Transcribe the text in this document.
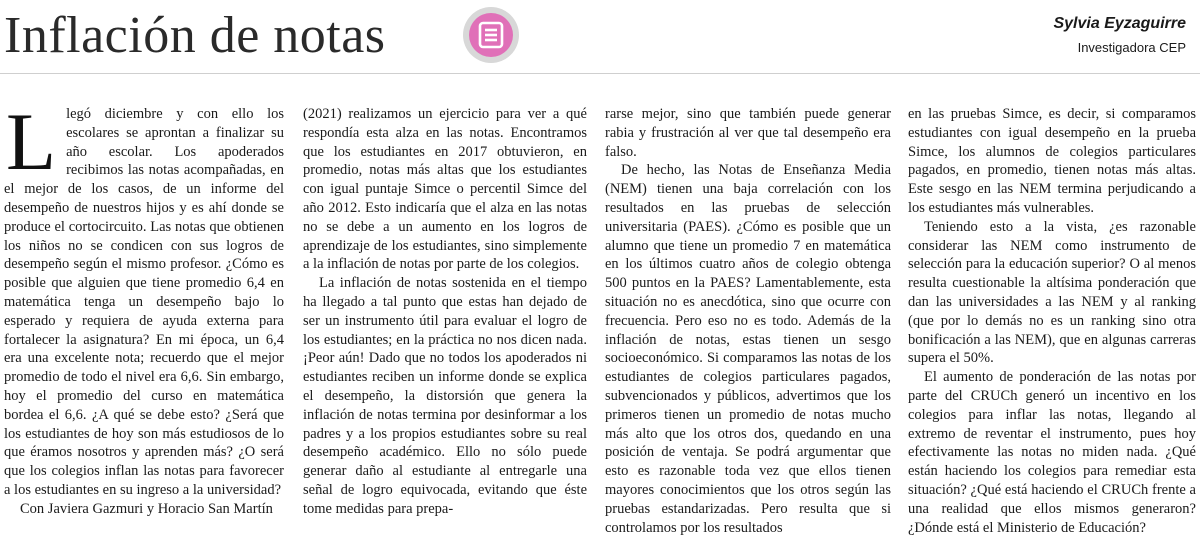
Inflación de notas	Sylvia Eyzaguirre
Investigadora CEP

Llegó diciembre y con ello los escolares se aprontan a finalizar su año escolar. Los apoderados recibimos las notas acompañadas, en el mejor de los casos, de un informe del desempeño de nuestros hijos y es ahí donde se produce el cortocircuito. Las notas que obtienen los niños no se condicen con sus logros de desempeño según el mismo profesor. ¿Cómo es posible que alguien que tiene promedio 6,4 en matemática tenga un desempeño bajo lo esperado y requiera de ayuda externa para fortalecer la asignatura? En mi época, un 6,4 era una excelente nota; recuerdo que el mejor promedio de todo el nivel era 6,6. Sin embargo, hoy el promedio del curso en matemática bordea el 6,6. ¿A qué se debe esto? ¿Será que los estudiantes de hoy son más estudiosos de lo que éramos nosotros y aprenden más? ¿O será que los colegios inflan las notas para favorecer a los estudiantes en su ingreso a la universidad?

Con Javiera Gazmuri y Horacio San Martín

(2021) realizamos un ejercicio para ver a qué respondía esta alza en las notas. Encontramos que los estudiantes en 2017 obtuvieron, en promedio, notas más altas que los estudiantes con igual puntaje Simce o percentil Simce del año 2012. Esto indicaría que el alza en las notas no se debe a un aumento en los logros de aprendizaje de los estudiantes, sino simplemente a la inflación de notas por parte de los colegios.

La inflación de notas sostenida en el tiempo ha llegado a tal punto que estas han dejado de ser un instrumento útil para evaluar el logro de los estudiantes; en la práctica no nos dicen nada. ¡Peor aún! Dado que no todos los apoderados ni estudiantes reciben un informe donde se explica el desempeño, la distorsión que genera la inflación de notas termina por desinformar a los padres y a los propios estudiantes sobre su real desempeño académico. Ello no sólo puede generar daño al estudiante al entregarle una señal de logro equivocada, evitando que éste tome medidas para prepa-

rarse mejor, sino que también puede generar rabia y frustración al ver que tal desempeño era falso.

De hecho, las Notas de Enseñanza Media (NEM) tienen una baja correlación con los resultados en las pruebas de selección universitaria (PAES). ¿Cómo es posible que un alumno que tiene un promedio 7 en matemática en los últimos cuatro años de colegio obtenga 500 puntos en la PAES? Lamentablemente, esta situación no es anecdótica, sino que ocurre con frecuencia. Pero eso no es todo. Además de la inflación de notas, estas tienen un sesgo socioeconómico. Si comparamos las notas de los estudiantes de colegios particulares pagados, subvencionados y públicos, advertimos que los primeros tienen un promedio de notas mucho más alto que los otros dos, quedando en una posición de ventaja. Se podrá argumentar que esto es razonable toda vez que ellos tienen mayores conocimientos que los otros según las pruebas estandarizadas. Pero resulta que si controlamos por los resultados

en las pruebas Simce, es decir, si comparamos estudiantes con igual desempeño en la prueba Simce, los alumnos de colegios particulares pagados, en promedio, tienen notas más altas. Este sesgo en las NEM termina perjudicando a los estudiantes más vulnerables.

Teniendo esto a la vista, ¿es razonable considerar las NEM como instrumento de selección para la educación superior? O al menos resulta cuestionable la altísima ponderación que dan las universidades a las NEM y al ranking (que por lo demás no es un ranking sino otra bonificación a las NEM), que en algunas carreras supera el 50%.

El aumento de ponderación de las notas por parte del CRUCh generó un incentivo en los colegios para inflar las notas, llegando al extremo de reventar el instrumento, pues hoy efectivamente las notas no miden nada. ¿Qué están haciendo los colegios para remediar esta situación? ¿Qué está haciendo el CRUCh frente a una realidad que ellos mismos generaron? ¿Dónde está el Ministerio de Educación?
